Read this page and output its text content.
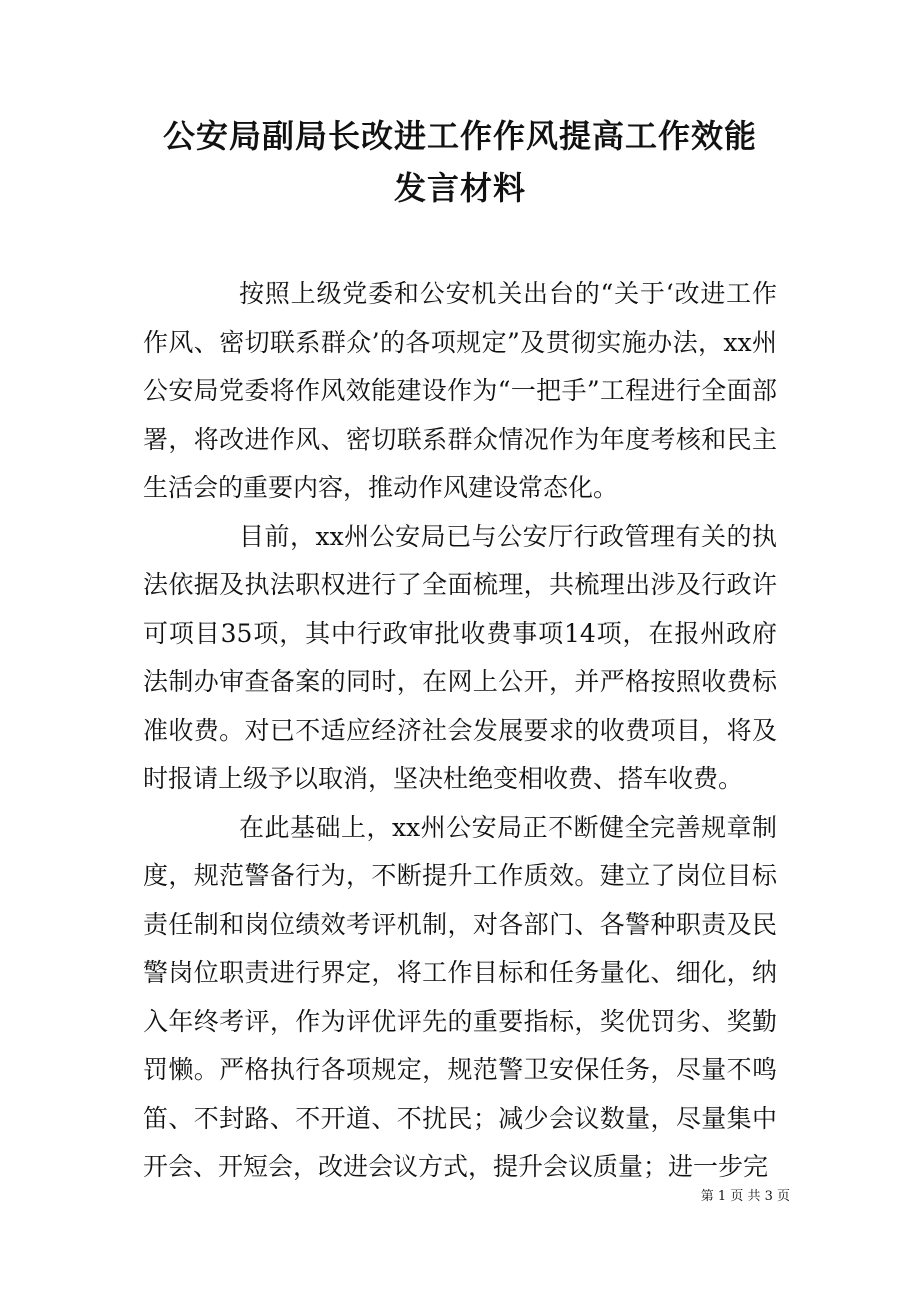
公安局副局长改进工作作风提高工作效能
发言材料

按照上级党委和公安机关出台的“关于‘改进工作作风、密切联系群众’的各项规定”及贯彻实施办法，xx州公安局党委将作风效能建设作为“一把手”工程进行全面部署，将改进作风、密切联系群众情况作为年度考核和民主生活会的重要内容，推动作风建设常态化。

目前，xx州公安局已与公安厅行政管理有关的执法依据及执法职权进行了全面梳理，共梳理出涉及行政许可项目35项，其中行政审批收费事项14项，在报州政府法制办审查备案的同时，在网上公开，并严格按照收费标准收费。对已不适应经济社会发展要求的收费项目，将及时报请上级予以取消，坚决杜绝变相收费、搭车收费。

在此基础上，xx州公安局正不断健全完善规章制度，规范警备行为，不断提升工作质效。建立了岗位目标责任制和岗位绩效考评机制，对各部门、各警种职责及民警岗位职责进行界定，将工作目标和任务量化、细化，纳入年终考评，作为评优评先的重要指标，奖优罚劣、奖勤罚懒。严格执行各项规定，规范警卫安保任务，尽量不鸣笛、不封路、不开道、不扰民；减少会议数量，尽量集中开会、开短会，改进会议方式，提升会议质量；进一步完

第 1 页 共 3 页
